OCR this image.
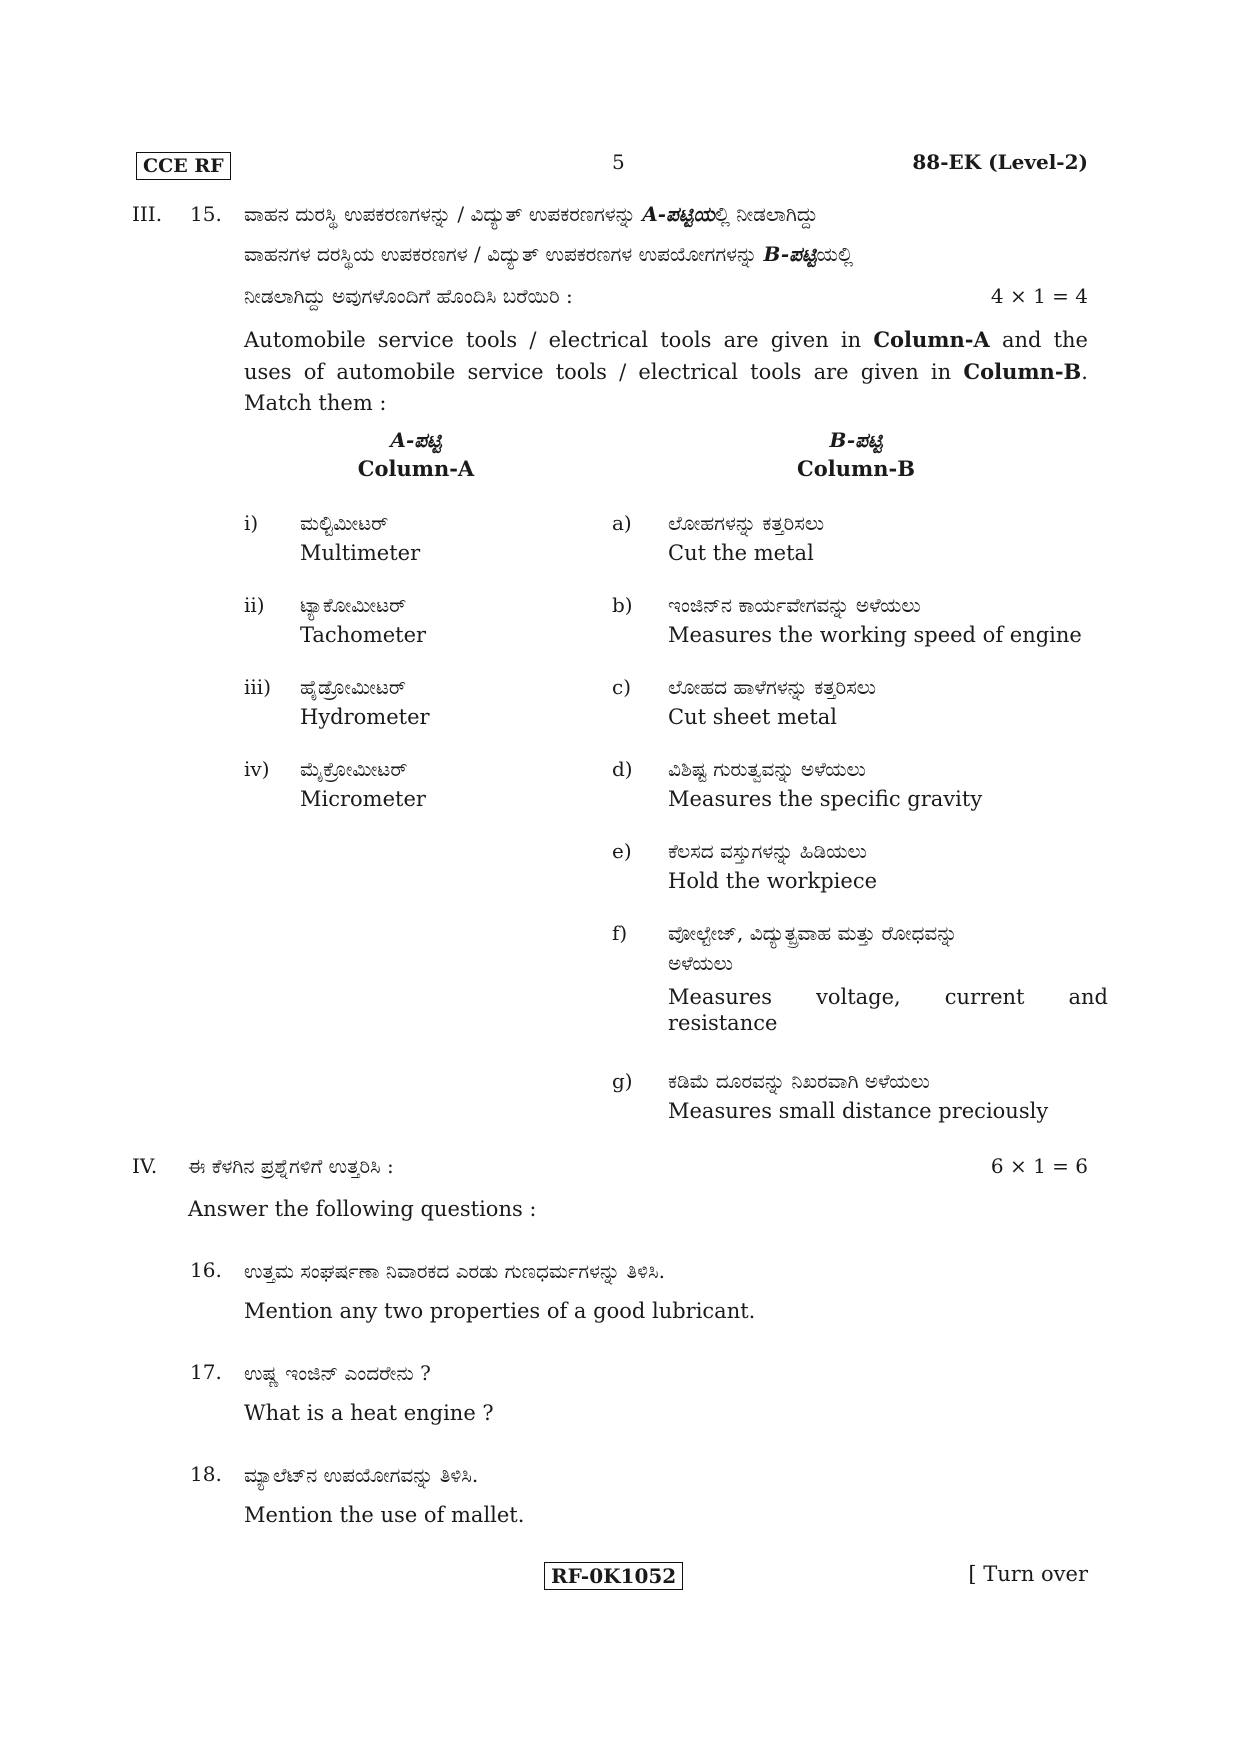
CCE RF	5	88-EK (Level-2)
III. 15. ವಾಹನ ದುರಸ್ಥಿ ಉಪಕರಣಗಳನ್ನು / ವಿದ್ಯುತ್ ಉಪಕರಣಗಳನ್ನು A-ಪಟ್ಟಿಯಲ್ಲಿ ನೀಡಲಾಗಿದ್ದು
ವಾಹನಗಳ ದರಸ್ಥಿಯ ಉಪಕರಣಗಳ / ವಿದ್ಯುತ್ ಉಪಕರಣಗಳ ಉಪಯೋಗಗಳನ್ನು B-ಪಟ್ಟಿಯಲ್ಲಿ
ನೀಡಲಾಗಿದ್ದು ಅವುಗಳೊಂದಿಗೆ ಹೊಂದಿಸಿ ಬರೆಯಿರಿ :	4 × 1 = 4
Automobile service tools / electrical tools are given in Column-A and the
uses of automobile service tools / electrical tools are given in Column-B.
Match them :
A-ಪಟ್ಟಿ
Column-A
B-ಪಟ್ಟಿ
Column-B
i) ಮಲ್ಟಿಮೀಟರ್
Multimeter
ii) ಟ್ಯಾಕೋಮೀಟರ್
Tachometer
iii) ಹೈಡ್ರೋಮೀಟರ್
Hydrometer
iv) ಮೈಕ್ರೋಮೀಟರ್
Micrometer
a) ಲೋಹಗಳನ್ನು ಕತ್ತರಿಸಲು
Cut the metal
b) ಇಂಜಿನ್‌ನ ಕಾರ್ಯವೇಗವನ್ನು ಅಳೆಯಲು
Measures the working speed of engine
c) ಲೋಹದ ಹಾಳೆಗಳನ್ನು ಕತ್ತರಿಸಲು
Cut sheet metal
d) ವಿಶಿಷ್ಟ ಗುರುತ್ವವನ್ನು ಅಳೆಯಲು
Measures the specific gravity
e) ಕೆಲಸದ ವಸ್ತುಗಳನ್ನು ಹಿಡಿಯಲು
Hold the workpiece
f) ವೋಲ್ಟೇಜ್, ವಿದ್ಯುತ್ಪ್ರವಾಹ ಮತ್ತು ರೋಧವನ್ನು
ಅಳೆಯಲು
Measures voltage, current and
resistance
g) ಕಡಿಮೆ ದೂರವನ್ನು ನಿಖರವಾಗಿ ಅಳೆಯಲು
Measures small distance preciously
IV. ಈ ಕೆಳಗಿನ ಪ್ರಶ್ನೆಗಳಿಗೆ ಉತ್ತರಿಸಿ :	6 × 1 = 6
Answer the following questions :
16. ಉತ್ತಮ ಸಂಘರ್ಷಣಾ ನಿವಾರಕದ ಎರಡು ಗುಣಧರ್ಮಗಳನ್ನು ತಿಳಿಸಿ.
Mention any two properties of a good lubricant.
17. ಉಷ್ಣ ಇಂಜಿನ್ ಎಂದರೇನು ?
What is a heat engine ?
18. ಮ್ಯಾಲೆಟ್‌ನ ಉಪಯೋಗವನ್ನು ತಿಳಿಸಿ.
Mention the use of mallet.
RF-0K1052	[ Turn over
